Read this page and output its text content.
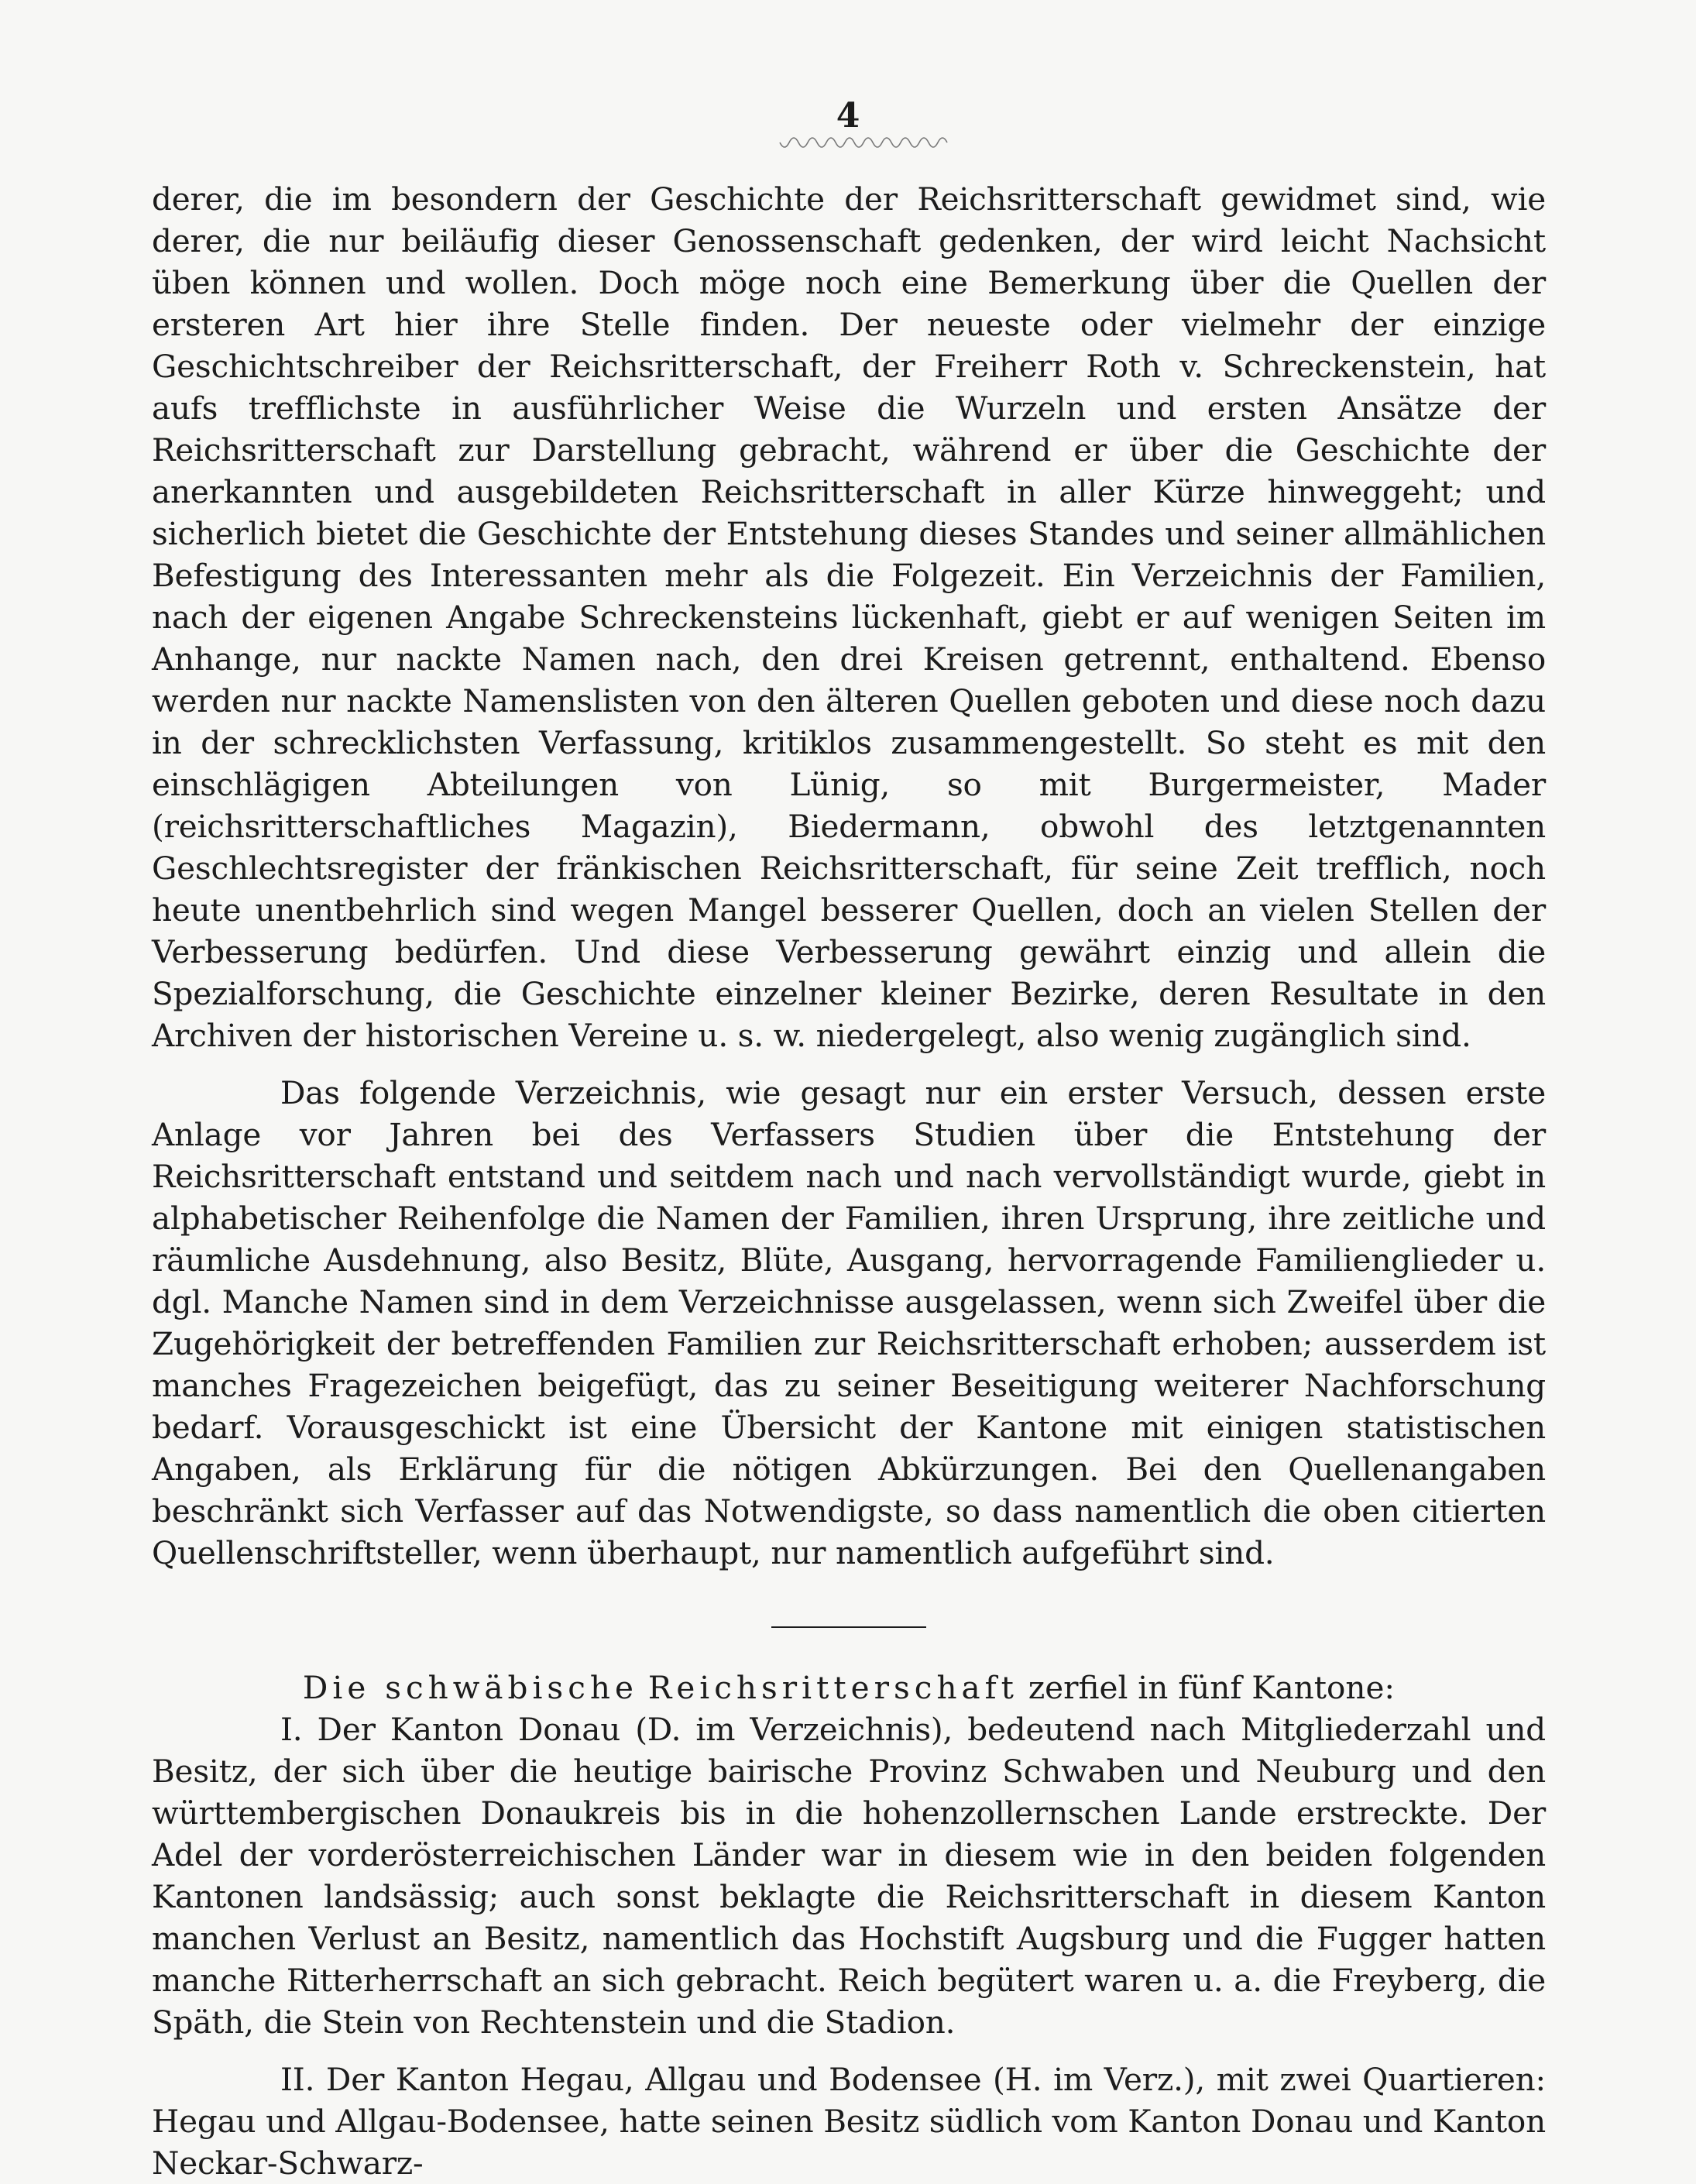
4

derer, die im besondern der Geschichte der Reichsritterschaft gewidmet sind, wie derer, die nur beiläufig dieser Genossenschaft gedenken, der wird leicht Nachsicht üben können und wollen. Doch möge noch eine Bemerkung über die Quellen der ersteren Art hier ihre Stelle finden. Der neueste oder vielmehr der einzige Geschichtschreiber der Reichsritterschaft, der Freiherr Roth v. Schreckenstein, hat aufs trefflichste in ausführlicher Weise die Wurzeln und ersten Ansätze der Reichsritterschaft zur Darstellung gebracht, während er über die Geschichte der anerkannten und ausgebildeten Reichsritterschaft in aller Kürze hinweggeht; und sicherlich bietet die Geschichte der Entstehung dieses Standes und seiner allmählichen Befestigung des Interessanten mehr als die Folgezeit. Ein Verzeichnis der Familien, nach der eigenen Angabe Schreckensteins lückenhaft, giebt er auf wenigen Seiten im Anhange, nur nackte Namen nach, den drei Kreisen getrennt, enthaltend. Ebenso werden nur nackte Namenslisten von den älteren Quellen geboten und diese noch dazu in der schrecklichsten Verfassung, kritiklos zusammengestellt. So steht es mit den einschlägigen Abteilungen von Lünig, so mit Burgermeister, Mader (reichsritterschaftliches Magazin), Biedermann, obwohl des letztgenannten Geschlechtsregister der fränkischen Reichsritterschaft, für seine Zeit trefflich, noch heute unentbehrlich sind wegen Mangel besserer Quellen, doch an vielen Stellen der Verbesserung bedürfen. Und diese Verbesserung gewährt einzig und allein die Spezialforschung, die Geschichte einzelner kleiner Bezirke, deren Resultate in den Archiven der historischen Vereine u. s. w. niedergelegt, also wenig zugänglich sind.

Das folgende Verzeichnis, wie gesagt nur ein erster Versuch, dessen erste Anlage vor Jahren bei des Verfassers Studien über die Entstehung der Reichsritterschaft entstand und seitdem nach und nach vervollständigt wurde, giebt in alphabetischer Reihenfolge die Namen der Familien, ihren Ursprung, ihre zeitliche und räumliche Ausdehnung, also Besitz, Blüte, Ausgang, hervorragende Familienglieder u. dgl. Manche Namen sind in dem Verzeichnisse ausgelassen, wenn sich Zweifel über die Zugehörigkeit der betreffenden Familien zur Reichsritterschaft erhoben; ausserdem ist manches Fragezeichen beigefügt, das zu seiner Beseitigung weiterer Nachforschung bedarf. Vorausgeschickt ist eine Übersicht der Kantone mit einigen statistischen Angaben, als Erklärung für die nötigen Abkürzungen. Bei den Quellenangaben beschränkt sich Verfasser auf das Notwendigste, so dass namentlich die oben citierten Quellenschriftsteller, wenn überhaupt, nur namentlich aufgeführt sind.

Die schwäbische Reichsritterschaft zerfiel in fünf Kantone:

I. Der Kanton Donau (D. im Verzeichnis), bedeutend nach Mitgliederzahl und Besitz, der sich über die heutige bairische Provinz Schwaben und Neuburg und den württembergischen Donaukreis bis in die hohenzollernschen Lande erstreckte. Der Adel der vorderösterreichischen Länder war in diesem wie in den beiden folgenden Kantonen landsässig; auch sonst beklagte die Reichsritterschaft in diesem Kanton manchen Verlust an Besitz, namentlich das Hochstift Augsburg und die Fugger hatten manche Ritterherrschaft an sich gebracht. Reich begütert waren u. a. die Freyberg, die Späth, die Stein von Rechtenstein und die Stadion.

II. Der Kanton Hegau, Allgau und Bodensee (H. im Verz.), mit zwei Quartieren: Hegau und Allgau-Bodensee, hatte seinen Besitz südlich vom Kanton Donau und Kanton Neckar-Schwarz-
